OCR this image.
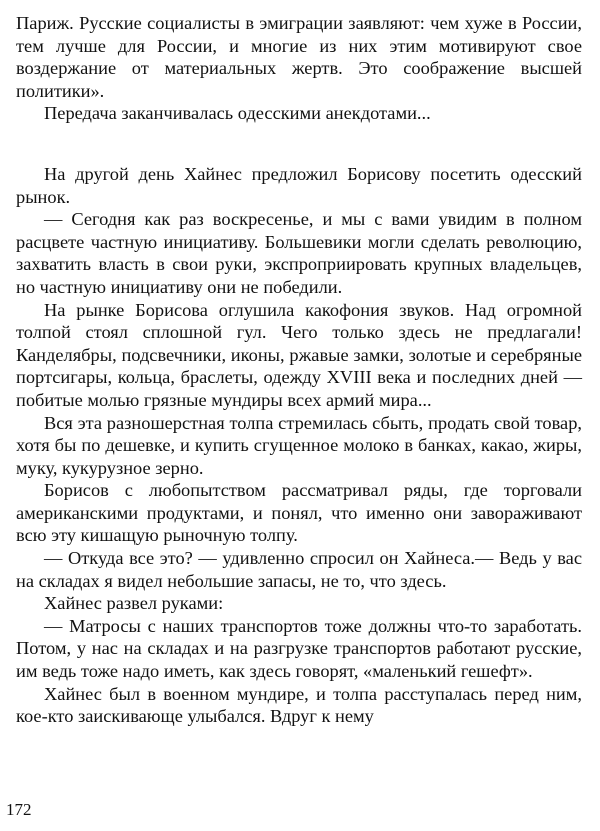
Париж. Русские социалисты в эмиграции заявляют: чем хуже в России, тем лучше для России, и многие из них этим мотивируют свое воздержание от материальных жертв. Это соображение высшей политики».

Передача заканчивалась одесскими анекдотами...

На другой день Хайнес предложил Борисову посетить одесский рынок.

— Сегодня как раз воскресенье, и мы с вами увидим в полном расцвете частную инициативу. Большевики могли сделать революцию, захватить власть в свои руки, экспроприировать крупных владельцев, но частную инициативу они не победили.

На рынке Борисова оглушила какофония звуков. Над огромной толпой стоял сплошной гул. Чего только здесь не предлагали! Канделябры, подсвечники, иконы, ржавые замки, золотые и серебряные портсигары, кольца, браслеты, одежду XVIII века и последних дней — побитые молью грязные мундиры всех армий мира...

Вся эта разношерстная толпа стремилась сбыть, продать свой товар, хотя бы по дешевке, и купить сгущенное молоко в банках, какао, жиры, муку, кукурузное зерно.

Борисов с любопытством рассматривал ряды, где торговали американскими продуктами, и понял, что именно они завораживают всю эту кишащую рыночную толпу.

— Откуда все это? — удивленно спросил он Хайнеса.— Ведь у вас на складах я видел небольшие запасы, не то, что здесь.

Хайнес развел руками:

— Матросы с наших транспортов тоже должны что-то заработать. Потом, у нас на складах и на разгрузке транспортов работают русские, им ведь тоже надо иметь, как здесь говорят, «маленький гешефт».

Хайнес был в военном мундире, и толпа расступалась перед ним, кое-кто заискивающе улыбался. Вдруг к нему

172
